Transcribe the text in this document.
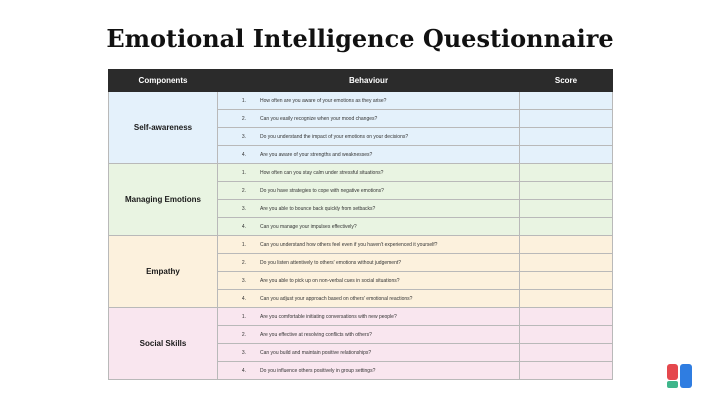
Emotional Intelligence Questionnaire
Components	Behaviour	Score
Self-awareness	1. How often are you aware of your emotions as they arise?	
	2. Can you easily recognize when your mood changes?	
	3. Do you understand the impact of your emotions on your decisions?	
	4. Are you aware of your strengths and weaknesses?	
Managing Emotions	1. How often can you stay calm under stressful situations?	
	2. Do you have strategies to cope with negative emotions?	
	3. Are you able to bounce back quickly from setbacks?	
	4. Can you manage your impulses effectively?	
Empathy	1. Can you understand how others feel even if you haven't experienced it yourself?	
	2. Do you listen attentively to others' emotions without judgement?	
	3. Are you able to pick up on non-verbal cues in social situations?	
	4. Can you adjust your approach based on others' emotional reactions?	
Social Skills	1. Are you comfortable initiating conversations with new people?	
	2. Are you effective at resolving conflicts with others?	
	3. Can you build and maintain positive relationships?	
	4. Do you influence others positively in group settings?	
